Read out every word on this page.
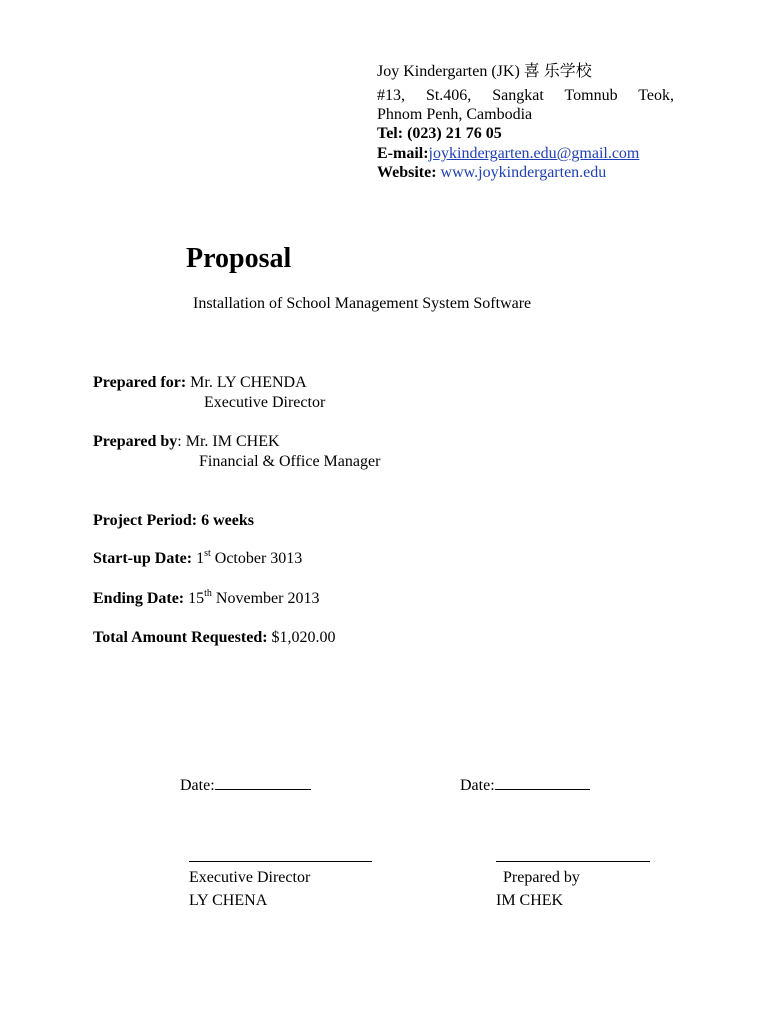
Joy Kindergarten (JK) 喜 乐学校
#13, St.406, Sangkat Tomnub Teok,
Phnom Penh, Cambodia
Tel: (023) 21 76 05
E-mail:joykindergarten.edu@gmail.com
Website: www.joykindergarten.edu
Proposal
Installation of School Management System Software
Prepared for: Mr. LY CHENDA
Executive Director
Prepared by: Mr. IM CHEK
Financial & Office Manager
Project Period: 6 weeks
Start-up Date: 1st October 3013
Ending Date: 15th November 2013
Total Amount Requested: $1,020.00
Date:	Date:
Executive Director
LY CHENA
Prepared by
IM CHEK
